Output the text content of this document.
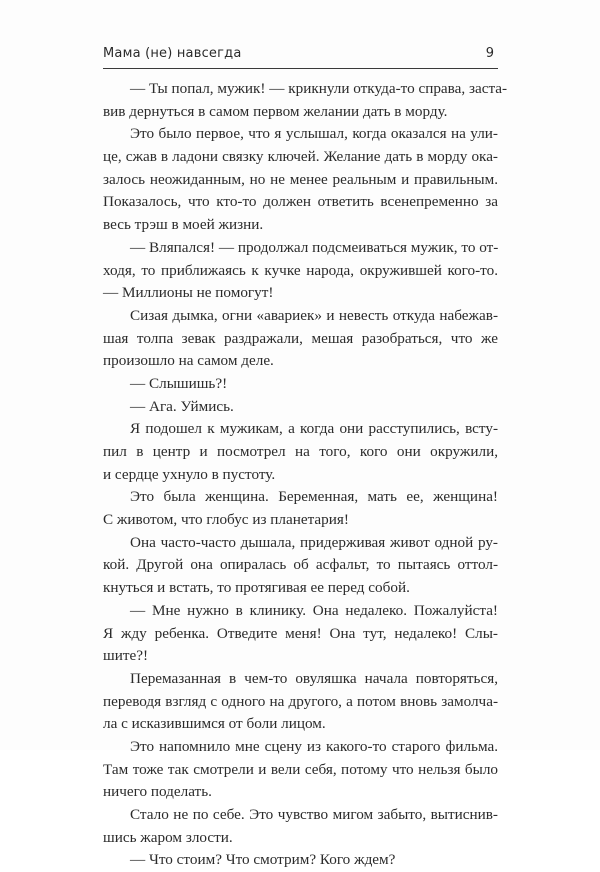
Мама (не) навсегда	9
— Ты попал, мужик! — крикнули откуда-то справа, заста-
вив дернуться в самом первом желании дать в морду.
Это было первое, что я услышал, когда оказался на ули-
це, сжав в ладони связку ключей. Желание дать в морду ока-
залось неожиданным, но не менее реальным и правильным.
Показалось, что кто-то должен ответить всенепременно за
весь трэш в моей жизни.
— Вляпался! — продолжал подсмеиваться мужик, то от-
ходя, то приближаясь к кучке народа, окружившей кого-то.
— Миллионы не помогут!
Сизая дымка, огни «авариек» и невесть откуда набежав-
шая толпа зевак раздражали, мешая разобраться, что же
произошло на самом деле.
— Слышишь?!
— Ага. Уймись.
Я подошел к мужикам, а когда они расступились, всту-
пил в центр и посмотрел на того, кого они окружили,
и сердце ухнуло в пустоту.
Это была женщина. Беременная, мать ее, женщина!
С животом, что глобус из планетария!
Она часто-часто дышала, придерживая живот одной ру-
кой. Другой она опиралась об асфальт, то пытаясь оттол-
кнуться и встать, то протягивая ее перед собой.
— Мне нужно в клинику. Она недалеко. Пожалуйста!
Я жду ребенка. Отведите меня! Она тут, недалеко! Слы-
шите?!
Перемазанная в чем-то овуляшка начала повторяться,
переводя взгляд с одного на другого, а потом вновь замолча-
ла с исказившимся от боли лицом.
Это напомнило мне сцену из какого-то старого фильма.
Там тоже так смотрели и вели себя, потому что нельзя было
ничего поделать.
Стало не по себе. Это чувство мигом забыто, вытиснив-
шись жаром злости.
— Что стоим? Что смотрим? Кого ждем?
